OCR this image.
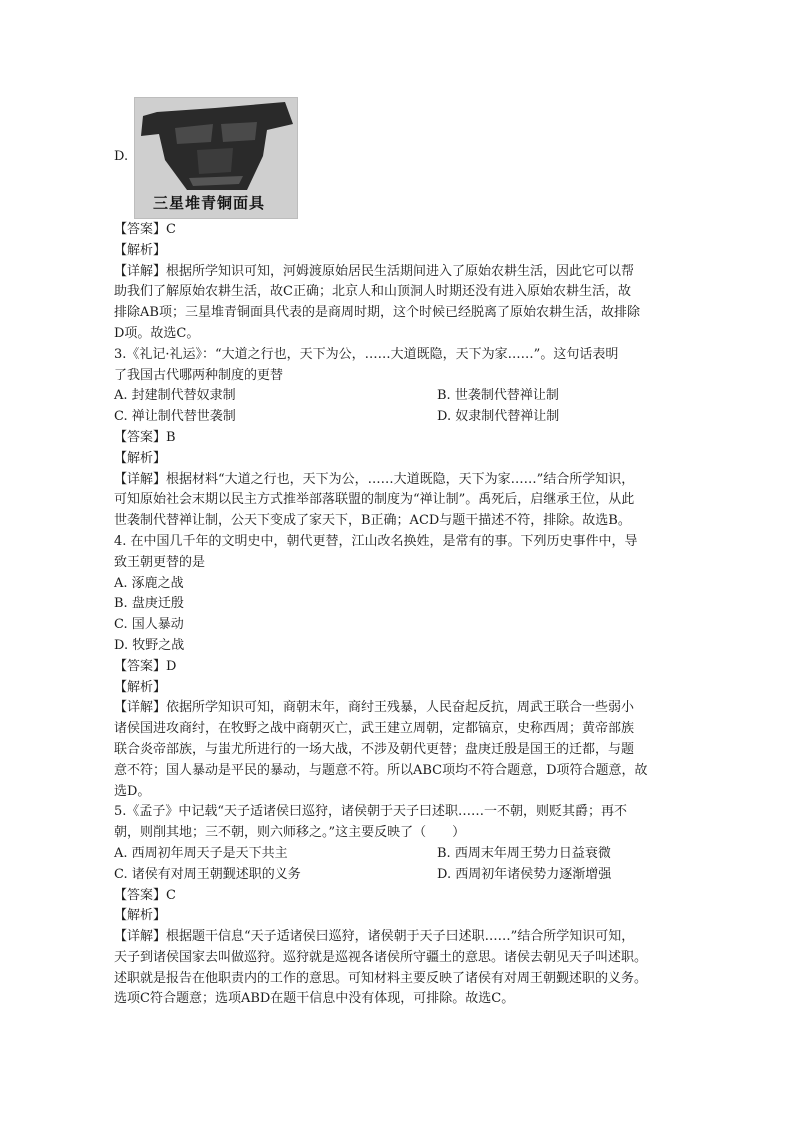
D.
三星堆青铜面具
【答案】C
【解析】
【详解】根据所学知识可知，河姆渡原始居民生活期间进入了原始农耕生活，因此它可以帮
助我们了解原始农耕生活，故C正确；北京人和山顶洞人时期还没有进入原始农耕生活，故
排除AB项；三星堆青铜面具代表的是商周时期，这个时候已经脱离了原始农耕生活，故排除
D项。故选C。
3.《礼记·礼运》：“大道之行也，天下为公，……大道既隐，天下为家……”。这句话表明
了我国古代哪两种制度的更替
A. 封建制代替奴隶制	B. 世袭制代替禅让制
C. 禅让制代替世袭制	D. 奴隶制代替禅让制
【答案】B
【解析】
【详解】根据材料“大道之行也，天下为公，……大道既隐，天下为家……”结合所学知识，
可知原始社会末期以民主方式推举部落联盟的制度为“禅让制”。禹死后，启继承王位，从此
世袭制代替禅让制，公天下变成了家天下，B正确；ACD与题干描述不符，排除。故选B。
4. 在中国几千年的文明史中，朝代更替，江山改名换姓，是常有的事。下列历史事件中，导
致王朝更替的是
A. 涿鹿之战
B. 盘庚迁殷
C. 国人暴动
D. 牧野之战
【答案】D
【解析】
【详解】依据所学知识可知，商朝末年，商纣王残暴，人民奋起反抗，周武王联合一些弱小
诸侯国进攻商纣，在牧野之战中商朝灭亡，武王建立周朝，定都镐京，史称西周；黄帝部族
联合炎帝部族，与蚩尤所进行的一场大战，不涉及朝代更替；盘庚迁殷是国王的迁都，与题
意不符；国人暴动是平民的暴动，与题意不符。所以ABC项均不符合题意，D项符合题意，故
选D。
5.《孟子》中记载“天子适诸侯曰巡狩，诸侯朝于天子曰述职……一不朝，则贬其爵；再不
朝，则削其地；三不朝，则六师移之。”这主要反映了（　　）
A. 西周初年周天子是天下共主	B. 西周末年周王势力日益衰微
C. 诸侯有对周王朝觐述职的义务	D. 西周初年诸侯势力逐渐增强
【答案】C
【解析】
【详解】根据题干信息“天子适诸侯曰巡狩，诸侯朝于天子曰述职……”结合所学知识可知，
天子到诸侯国家去叫做巡狩。巡狩就是巡视各诸侯所守疆土的意思。诸侯去朝见天子叫述职。
述职就是报告在他职责内的工作的意思。可知材料主要反映了诸侯有对周王朝觐述职的义务。
选项C符合题意；选项ABD在题干信息中没有体现，可排除。故选C。
